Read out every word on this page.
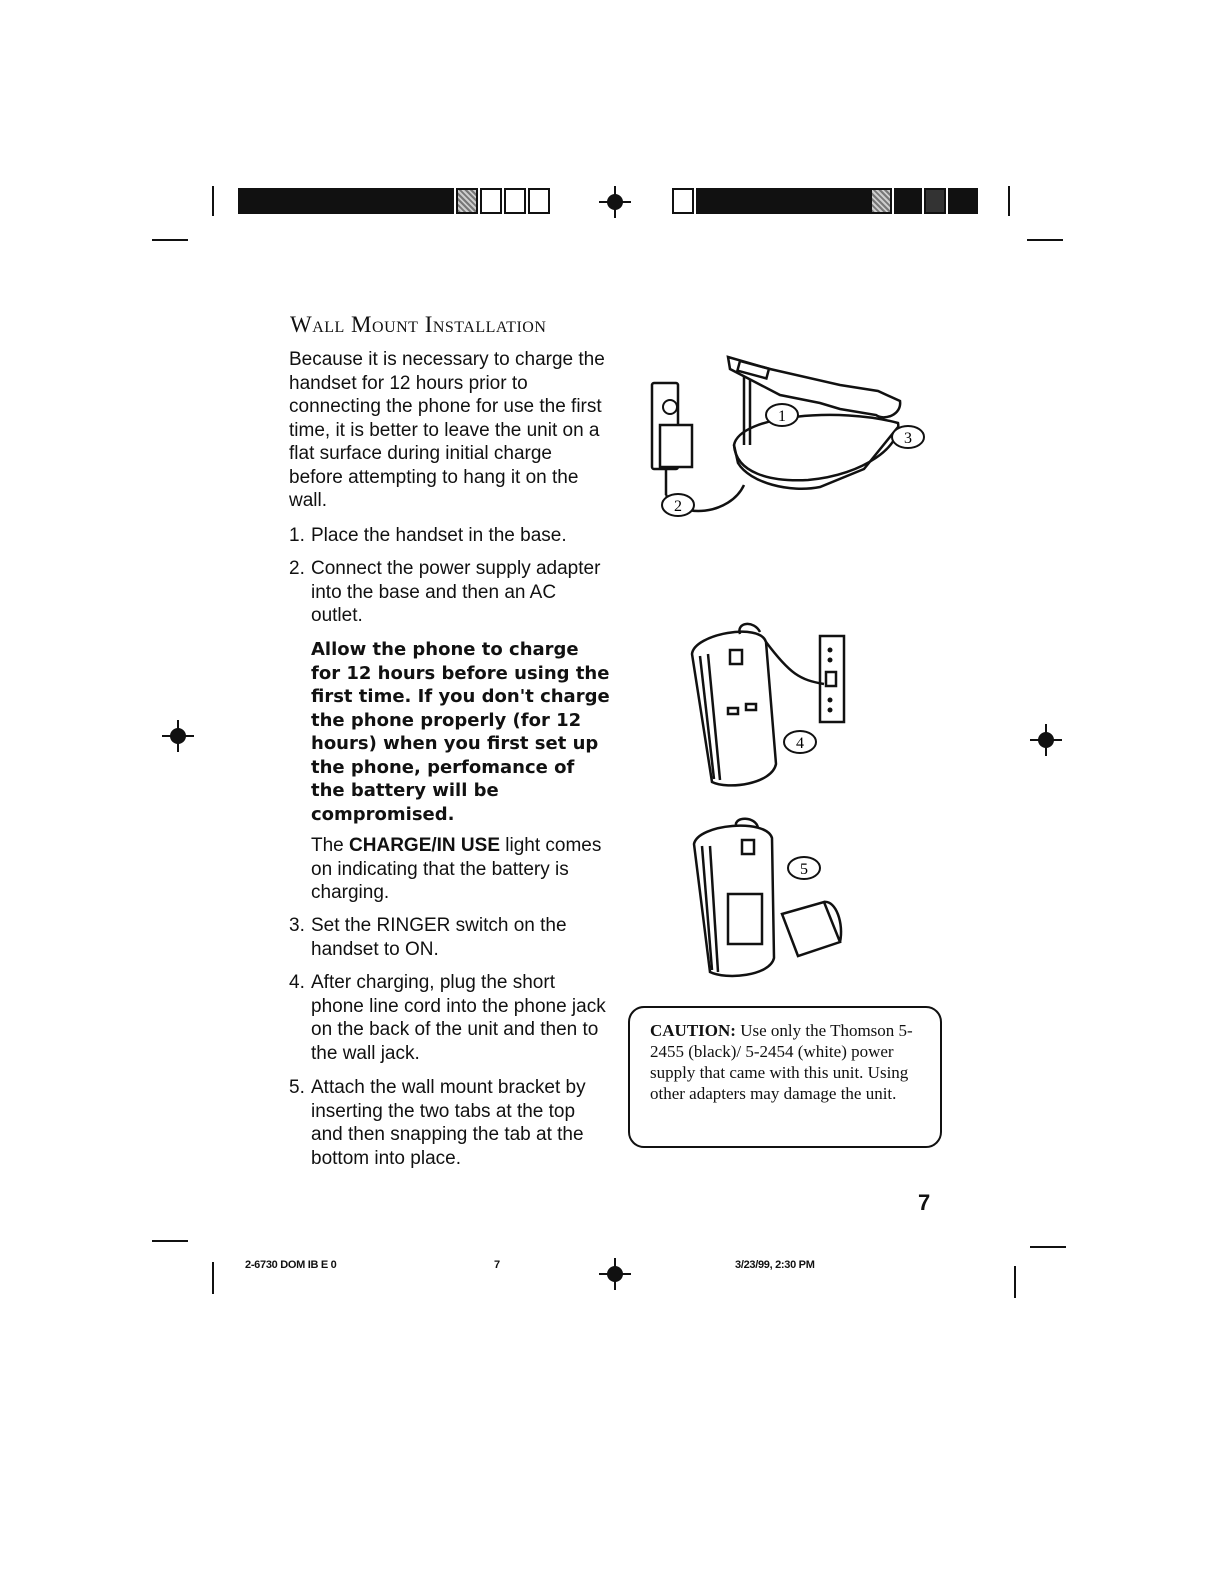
Wall Mount Installation
Because it is necessary to charge the handset for 12 hours prior to connecting the phone for use the first time, it is better to leave the unit on a flat surface during initial charge before attempting to hang it on the wall.
1. Place the handset in the base.
2. Connect the power supply adapter into the base and then an AC outlet.
Allow the phone to charge for 12 hours before using the first time. If you don't charge the phone properly (for 12 hours) when you first set up the phone, perfomance of the battery will be compromised.
The CHARGE/IN USE light comes on indicating that the battery is charging.
3. Set the RINGER switch on the handset to ON.
4. After charging, plug the short phone line cord into the phone jack on the back of the unit and then to the wall jack.
5. Attach the wall mount bracket by inserting the two tabs at the top and then snapping the tab at the bottom into place.
1
2
3
4
5
CAUTION: Use only the Thomson 5-2455 (black)/ 5-2454 (white) power supply that came with this unit. Using other adapters may damage the unit.
7
2-6730 DOM IB E 0	7	3/23/99, 2:30 PM
